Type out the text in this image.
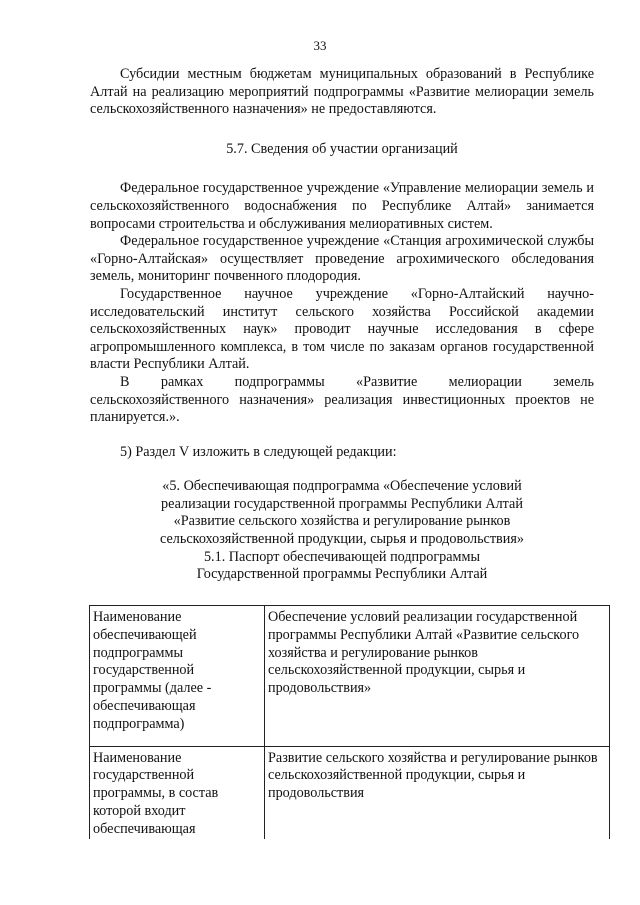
33

Субсидии местным бюджетам муниципальных образований в Республике Алтай на реализацию мероприятий подпрограммы «Развитие мелиорации земель сельскохозяйственного назначения» не предоставляются.

5.7. Сведения об участии организаций

Федеральное государственное учреждение «Управление мелиорации земель и сельскохозяйственного водоснабжения по Республике Алтай» занимается вопросами строительства и обслуживания мелиоративных систем.

Федеральное государственное учреждение «Станция агрохимической службы «Горно-Алтайская» осуществляет проведение агрохимического обследования земель, мониторинг почвенного плодородия.

Государственное научное учреждение «Горно-Алтайский научно-исследовательский институт сельского хозяйства Российской академии сельскохозяйственных наук» проводит научные исследования в сфере агропромышленного комплекса, в том числе по заказам органов государственной власти Республики Алтай.

В рамках подпрограммы «Развитие мелиорации земель сельскохозяйственного назначения» реализация инвестиционных проектов не планируется.».

5) Раздел V изложить в следующей редакции:

«5. Обеспечивающая подпрограмма «Обеспечение условий
реализации государственной программы Республики Алтай
«Развитие сельского хозяйства и регулирование рынков
сельскохозяйственной продукции, сырья и продовольствия»
5.1. Паспорт обеспечивающей подпрограммы
Государственной программы Республики Алтай
Наименование обеспечивающей подпрограммы государственной программы (далее - обеспечивающая подпрограмма)	Обеспечение условий реализации государственной программы Республики Алтай «Развитие сельского хозяйства и регулирование рынков сельскохозяйственной продукции, сырья и продовольствия»
Наименование государственной программы, в состав которой входит обеспечивающая	Развитие сельского хозяйства и регулирование рынков сельскохозяйственной продукции, сырья и продовольствия
